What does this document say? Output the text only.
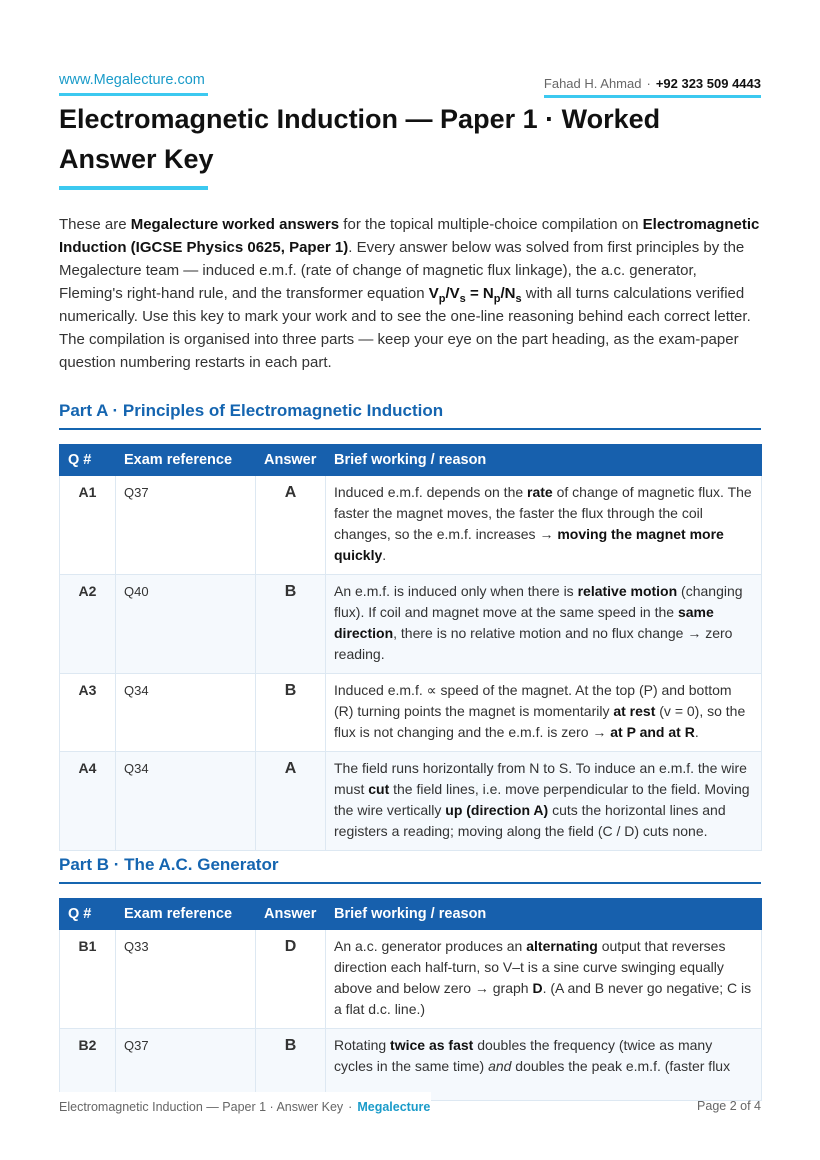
www.Megalecture.com	Fahad H. Ahmad · +92 323 509 4443
Electromagnetic Induction — Paper 1 · Worked Answer Key

These are Megalecture worked answers for the topical multiple-choice compilation on Electromagnetic Induction (IGCSE Physics 0625, Paper 1). Every answer below was solved from first principles by the Megalecture team — induced e.m.f. (rate of change of magnetic flux linkage), the a.c. generator, Fleming's right-hand rule, and the transformer equation $V_p/V_s = N_p/N_s$ with all turns calculations verified numerically. Use this key to mark your work and to see the one-line reasoning behind each correct letter. The compilation is organised into three parts — keep your eye on the part heading, as the exam-paper question numbering restarts in each part.

Part A · Principles of Electromagnetic Induction
Q #	Exam reference	Answer	Brief working / reason
A1	Q37	A	Induced e.m.f. depends on the rate of change of magnetic flux. The faster the magnet moves, the faster the flux through the coil changes, so the e.m.f. increases → moving the magnet more quickly.
A2	Q40	B	An e.m.f. is induced only when there is relative motion (changing flux). If coil and magnet move at the same speed in the same direction, there is no relative motion and no flux change → zero reading.
A3	Q34	B	Induced e.m.f. ∝ speed of the magnet. At the top (P) and bottom (R) turning points the magnet is momentarily at rest (v = 0), so the flux is not changing and the e.m.f. is zero → at P and at R.
A4	Q34	A	The field runs horizontally from N to S. To induce an e.m.f. the wire must cut the field lines, i.e. move perpendicular to the field. Moving the wire vertically up (direction A) cuts the horizontal lines and registers a reading; moving along the field (C / D) cuts none.
Part B · The A.C. Generator
Q #	Exam reference	Answer	Brief working / reason
B1	Q33	D	An a.c. generator produces an alternating output that reverses direction each half-turn, so V–t is a sine curve swinging equally above and below zero → graph D. (A and B never go negative; C is a flat d.c. line.)
B2	Q37	B	Rotating twice as fast doubles the frequency (twice as many cycles in the same time) and doubles the peak e.m.f. (faster flux
Electromagnetic Induction — Paper 1 · Answer Key · Megalecture	Page 2 of 4
